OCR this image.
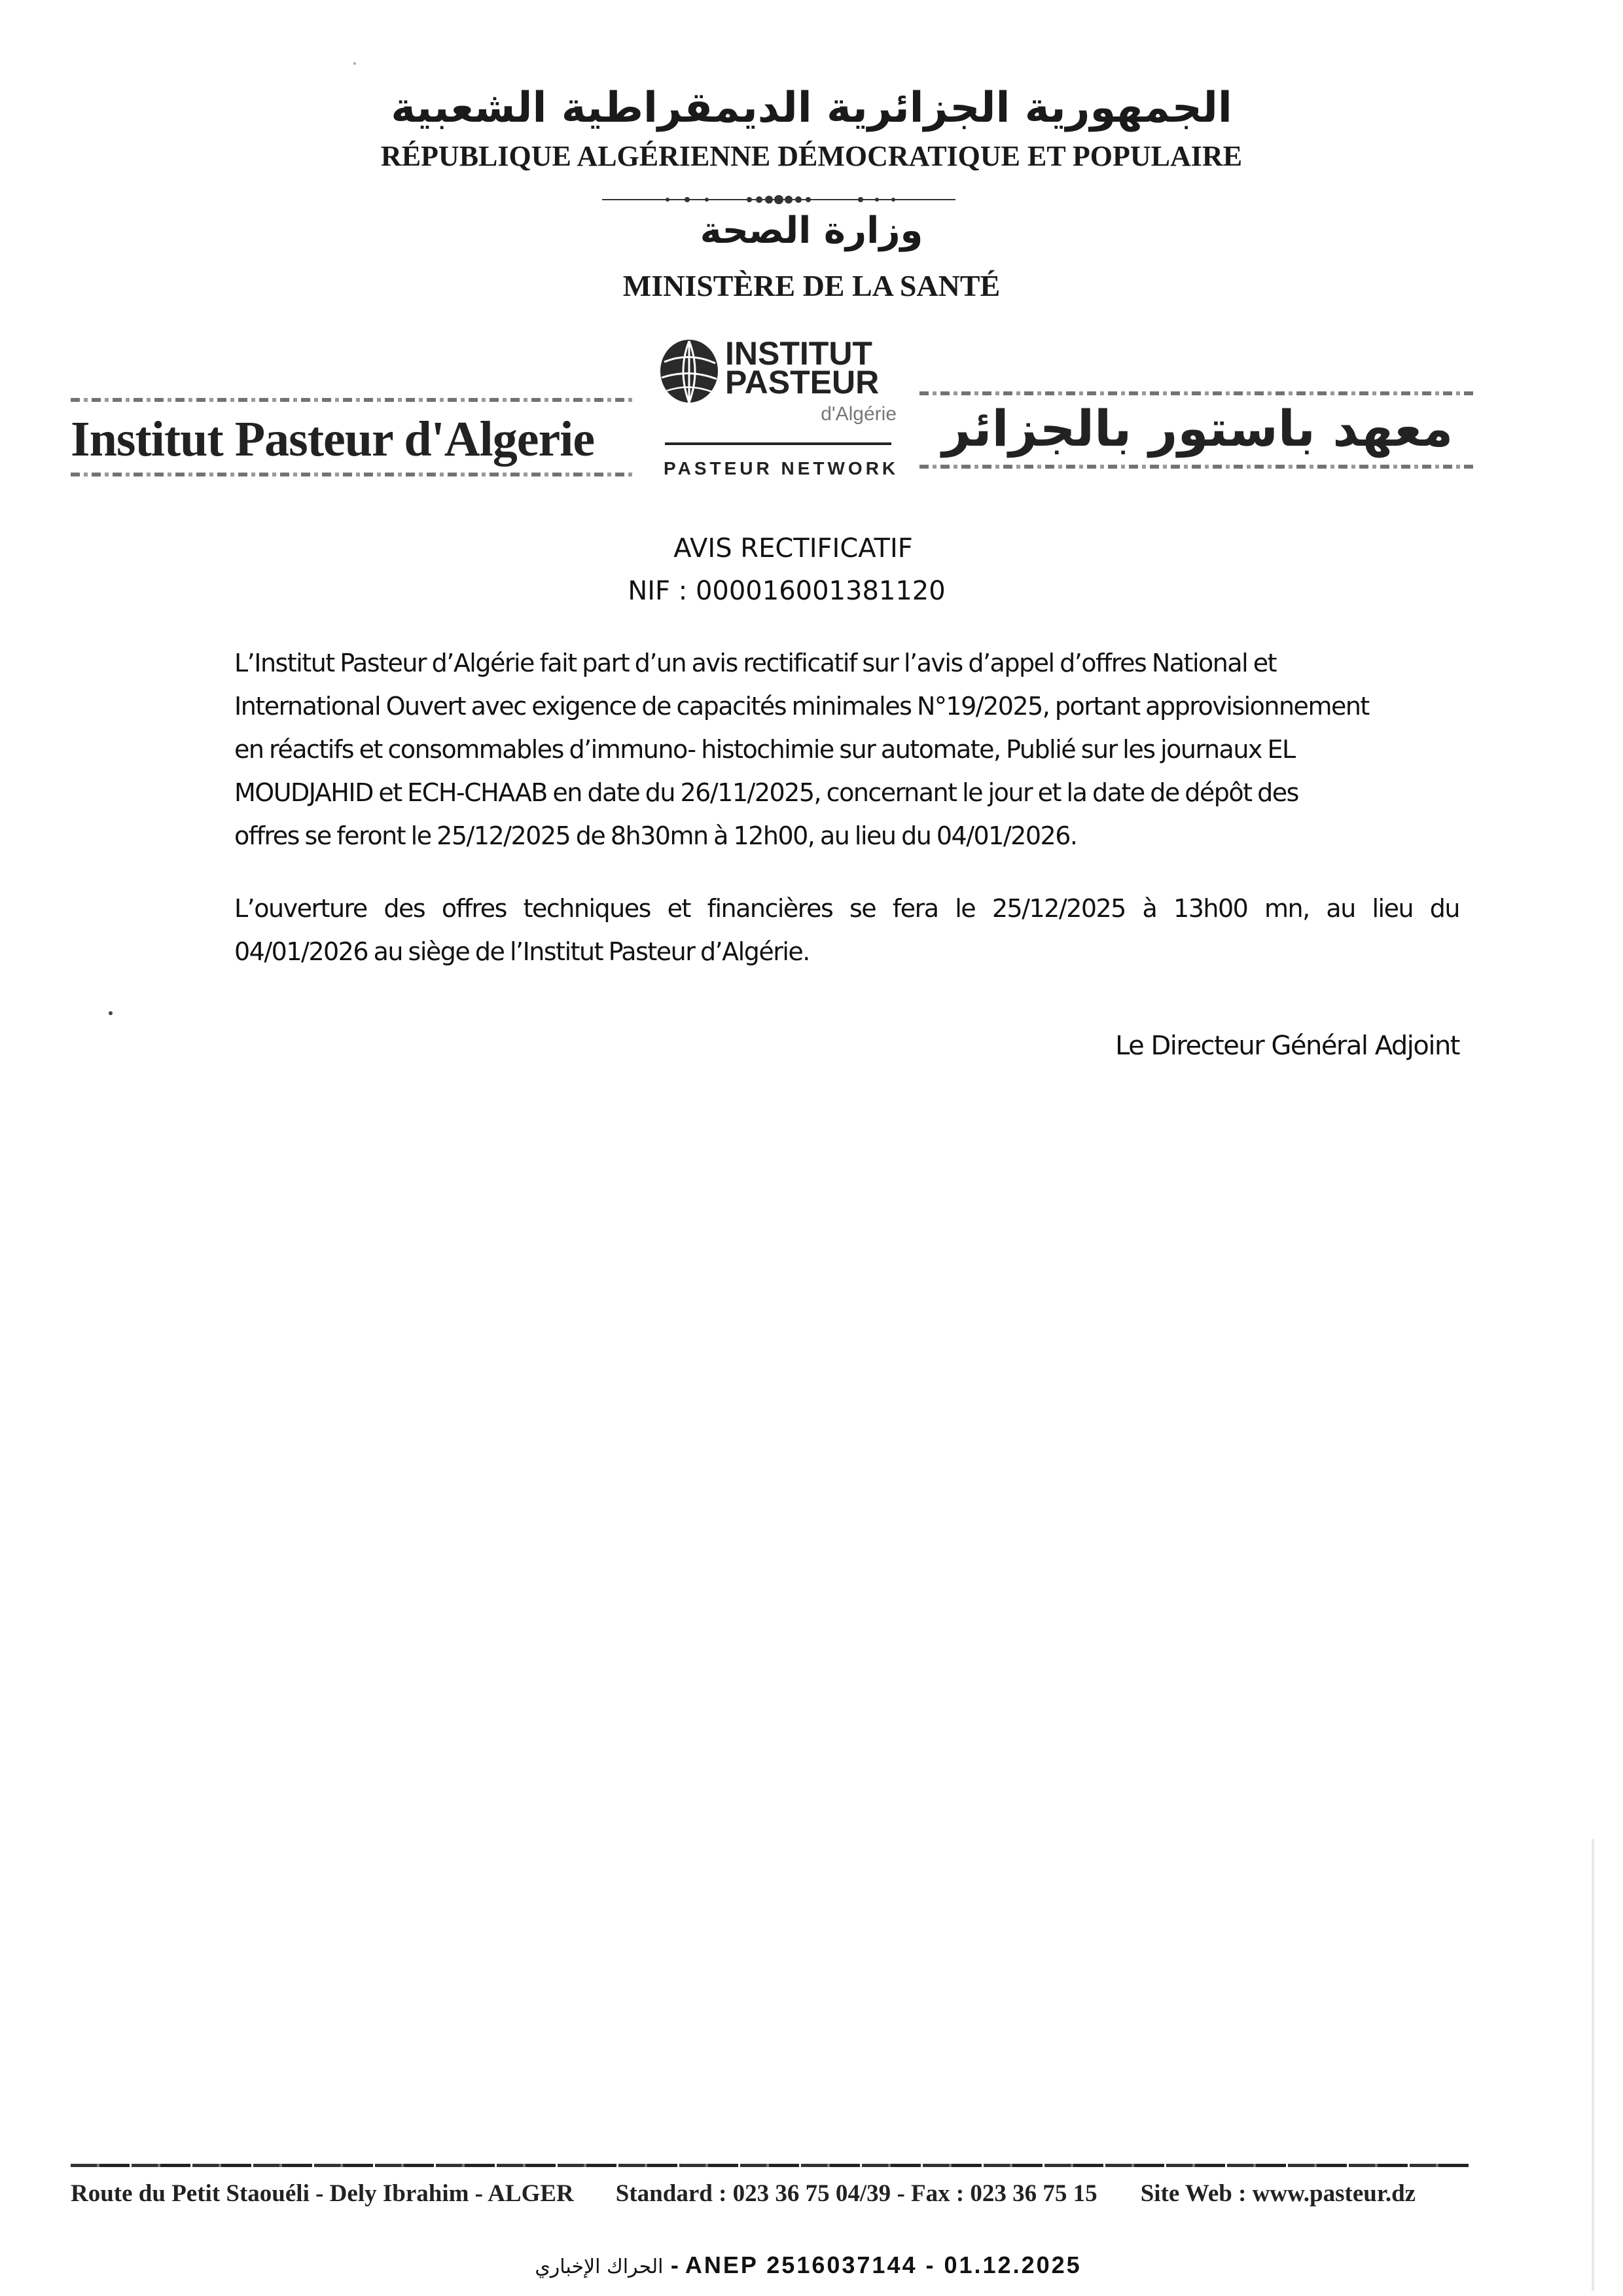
الجمهورية الجزائرية الديمقراطية الشعبية
RÉPUBLIQUE ALGÉRIENNE DÉMOCRATIQUE ET POPULAIRE
وزارة الصحة
MINISTÈRE DE LA SANTÉ
Institut Pasteur d'Algerie
INSTITUT
PASTEUR
d'Algérie
PASTEUR NETWORK
معهد باستور بالجزائر
AVIS RECTIFICATIF
NIF : 000016001381120
L’Institut Pasteur d’Algérie fait part d’un avis rectificatif sur l’avis d’appel d’offres National et
International Ouvert avec exigence de capacités minimales N°19/2025, portant approvisionnement
en réactifs et consommables d’immuno- histochimie sur automate, Publié sur les journaux EL
MOUDJAHID et ECH-CHAAB en date du 26/11/2025, concernant le jour et la date de dépôt des
offres se feront le 25/12/2025 de 8h30mn à 12h00, au lieu du 04/01/2026.
L’ouverture des offres techniques et financières se fera le 25/12/2025 à 13h00 mn, au lieu du
04/01/2026 au siège de l’Institut Pasteur d’Algérie.
Le Directeur Général Adjoint
Route du Petit Staouéli - Dely Ibrahim - ALGER Standard : 023 36 75 04/39 - Fax : 023 36 75 15 Site Web : www.pasteur.dz
الحراك الإخباري - ANEP 2516037144 - 01.12.2025
